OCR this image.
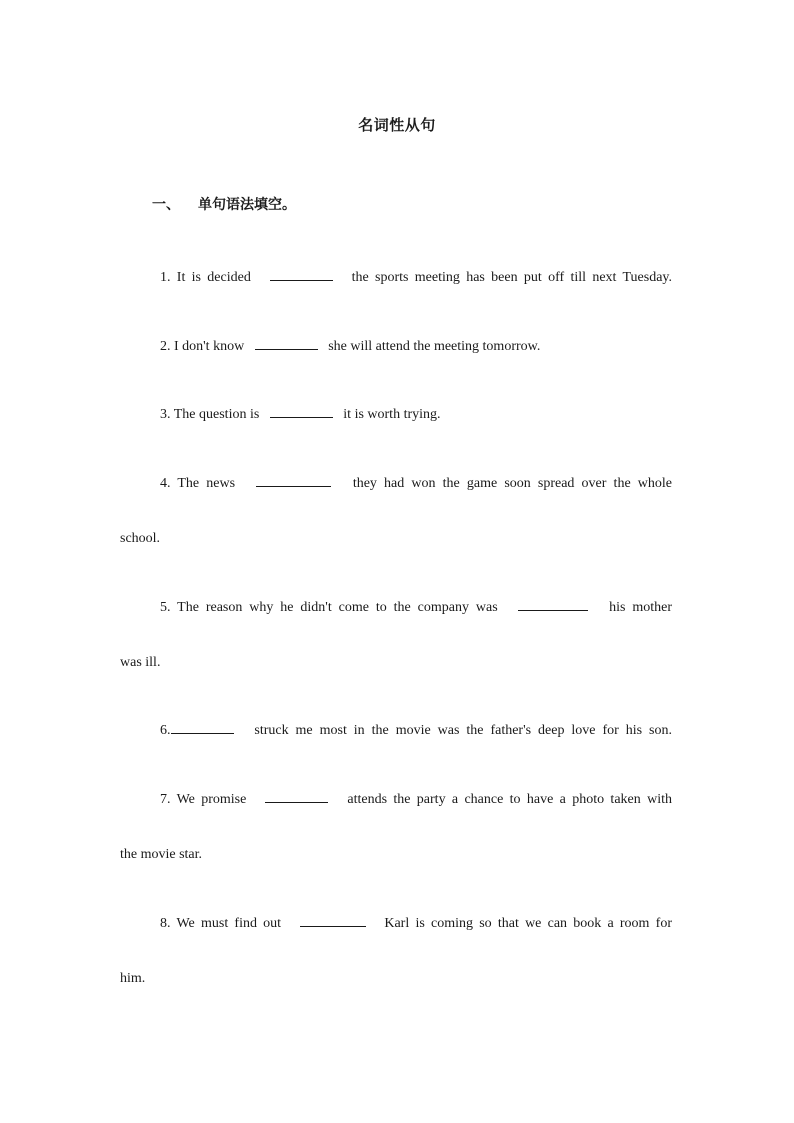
名词性从句
一、 单句语法填空。
1. It is decided	the sports meeting has been put off till next Tuesday.
2. I don't know	she will attend the meeting tomorrow.
3. The question is	it is worth trying.
4. The news	they had won the game soon spread over the whole
school.
5. The reason why he didn't come to the company was	his mother
was ill.
6.	struck me most in the movie was the father's deep love for his son.
7. We promise	attends the party a chance to have a photo taken with
the movie star.
8. We must find out	Karl is coming so that we can book a room for
him.
